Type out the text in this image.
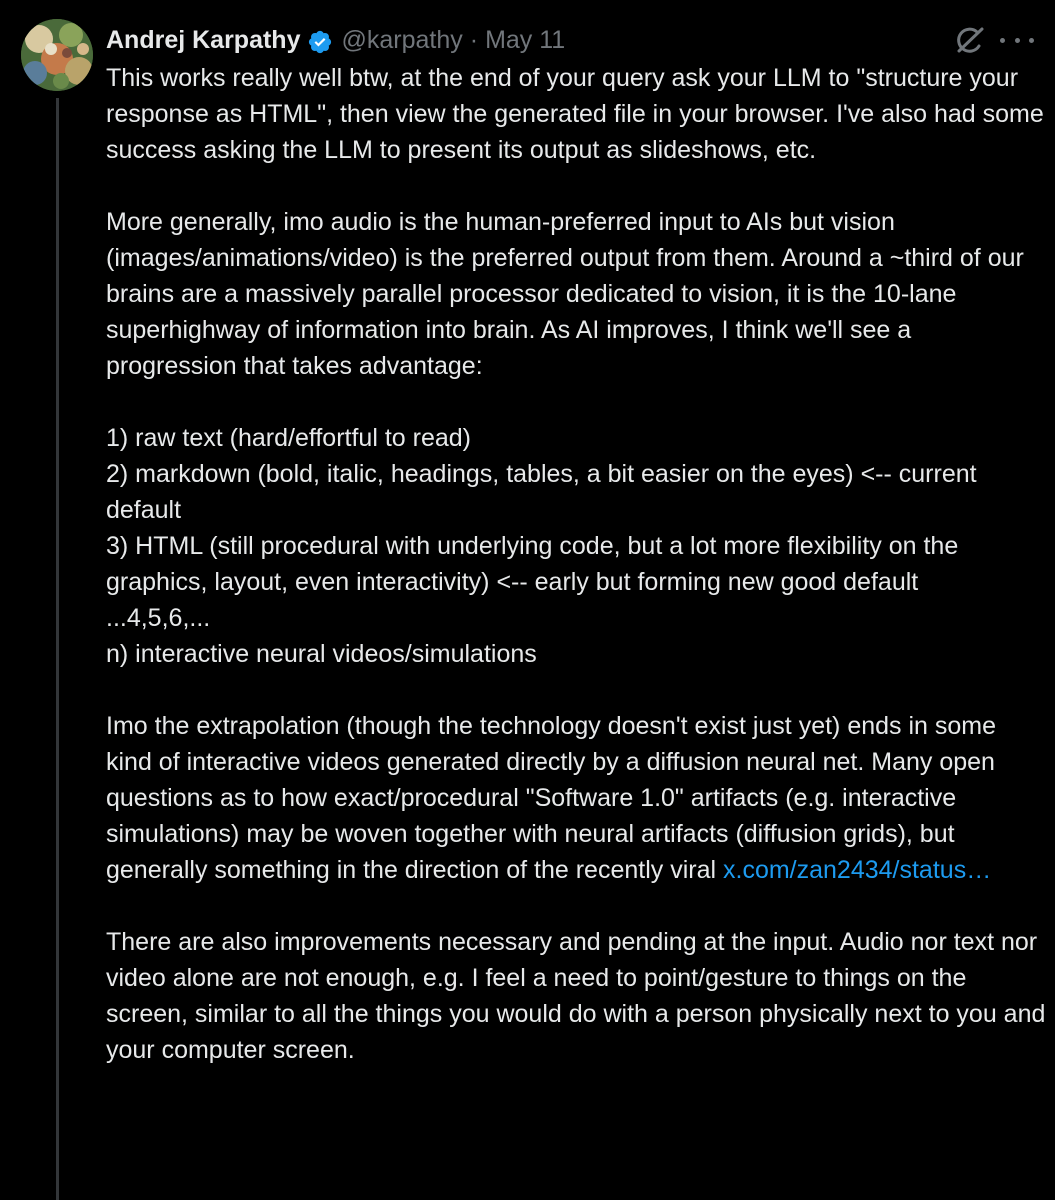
Andrej Karpathy @karpathy · May 11

This works really well btw, at the end of your query ask your LLM to "structure your response as HTML", then view the generated file in your browser. I've also had some success asking the LLM to present its output as slideshows, etc.

More generally, imo audio is the human-preferred input to AIs but vision (images/animations/video) is the preferred output from them. Around a ~third of our brains are a massively parallel processor dedicated to vision, it is the 10-lane superhighway of information into brain. As AI improves, I think we'll see a progression that takes advantage:

1) raw text (hard/effortful to read)
2) markdown (bold, italic, headings, tables, a bit easier on the eyes) <-- current default
3) HTML (still procedural with underlying code, but a lot more flexibility on the graphics, layout, even interactivity) <-- early but forming new good default
...4,5,6,...
n) interactive neural videos/simulations

Imo the extrapolation (though the technology doesn't exist just yet) ends in some kind of interactive videos generated directly by a diffusion neural net. Many open questions as to how exact/procedural "Software 1.0" artifacts (e.g. interactive simulations) may be woven together with neural artifacts (diffusion grids), but generally something in the direction of the recently viral x.com/zan2434/status…

There are also improvements necessary and pending at the input. Audio nor text nor video alone are not enough, e.g. I feel a need to point/gesture to things on the screen, similar to all the things you would do with a person physically next to you and your computer screen.
